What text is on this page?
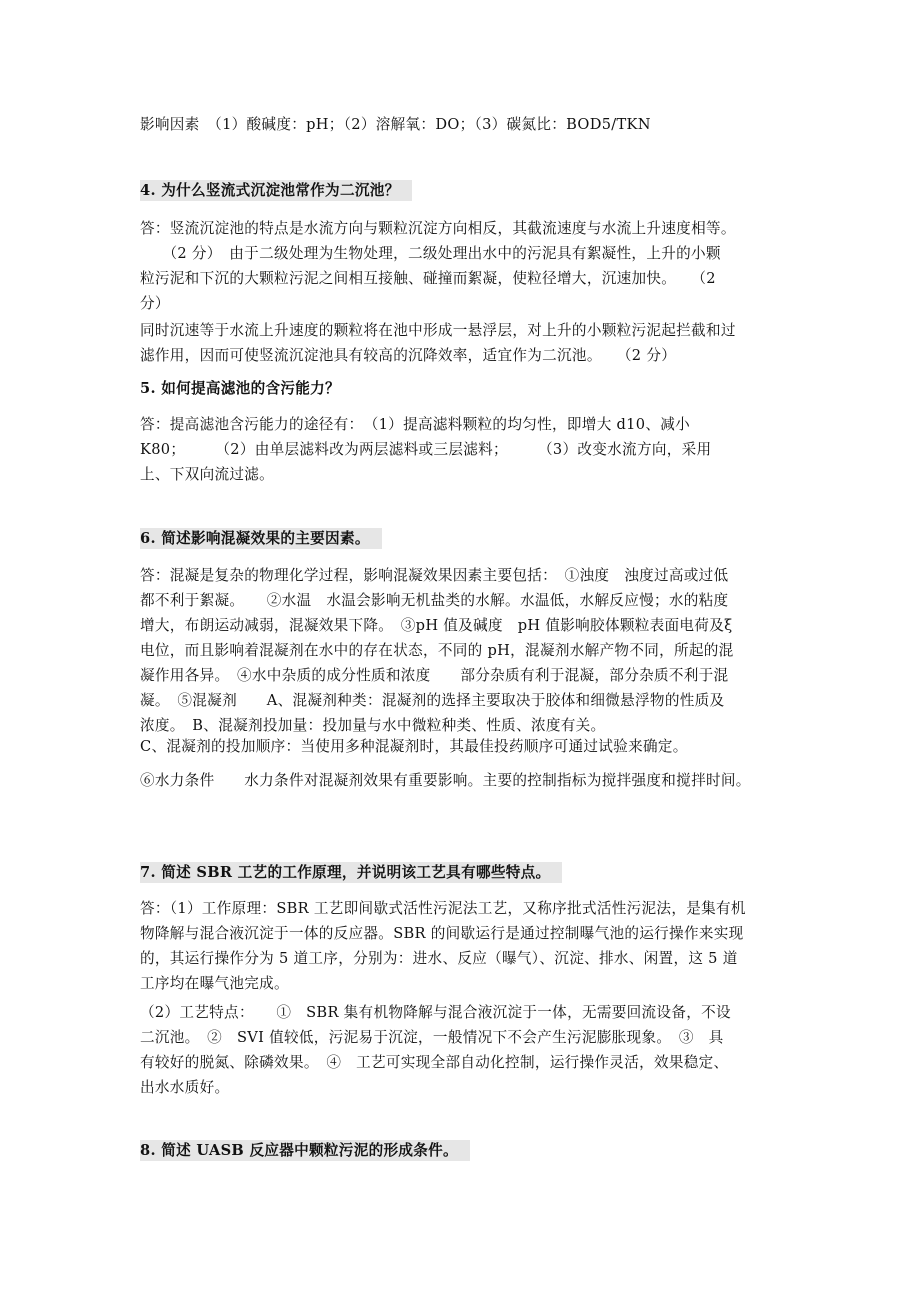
影响因素　（1）酸碱度：pH；（2）溶解氧：DO；（3）碳氮比：BOD5/TKN
4. 为什么竖流式沉淀池常作为二沉池？
答：竖流沉淀池的特点是水流方向与颗粒沉淀方向相反，其截流速度与水流上升速度相等。
　　（2 分）　由于二级处理为生物处理，二级处理出水中的污泥具有絮凝性，上升的小颗
粒污泥和下沉的大颗粒污泥之间相互接触、碰撞而絮凝，使粒径增大，沉速加快。　　（2
分）
同时沉速等于水流上升速度的颗粒将在池中形成一悬浮层，对上升的小颗粒污泥起拦截和过
滤作用，因而可使竖流沉淀池具有较高的沉降效率，适宜作为二沉池。　　（2 分）
5. 如何提高滤池的含污能力？
答：提高滤池含污能力的途径有：　（1）提高滤料颗粒的均匀性，即增大 d10、减小
K80；　　　（2）由单层滤料改为两层滤料或三层滤料；　　　（3）改变水流方向，采用
上、下双向流过滤。
6. 简述影响混凝效果的主要因素。
答：混凝是复杂的物理化学过程，影响混凝效果因素主要包括：　①浊度　浊度过高或过低
都不利于絮凝。　　②水温　水温会影响无机盐类的水解。水温低，水解反应慢；水的粘度
增大，布朗运动减弱，混凝效果下降。　③pH 值及碱度　pH 值影响胶体颗粒表面电荷及ξ
电位，而且影响着混凝剂在水中的存在状态，不同的 pH，混凝剂水解产物不同，所起的混
凝作用各异。　④水中杂质的成分性质和浓度　　部分杂质有利于混凝，部分杂质不利于混
凝。　⑤混凝剂　　A、混凝剂种类：混凝剂的选择主要取决于胶体和细微悬浮物的性质及
浓度。　B、混凝剂投加量：投加量与水中微粒种类、性质、浓度有关。
C、混凝剂的投加顺序：当使用多种混凝剂时，其最佳投药顺序可通过试验来确定。
⑥水力条件　　水力条件对混凝剂效果有重要影响。主要的控制指标为搅拌强度和搅拌时间。
7. 简述 SBR 工艺的工作原理，并说明该工艺具有哪些特点。
答：（1）工作原理：SBR 工艺即间歇式活性污泥法工艺，又称序批式活性污泥法，是集有机
物降解与混合液沉淀于一体的反应器。SBR 的间歇运行是通过控制曝气池的运行操作来实现
的，其运行操作分为 5 道工序，分别为：进水、反应（曝气）、沉淀、排水、闲置，这 5 道
工序均在曝气池完成。
（2）工艺特点：　　①　SBR 集有机物降解与混合液沉淀于一体，无需要回流设备，不设
二沉池。　②　SVI 值较低，污泥易于沉淀，一般情况下不会产生污泥膨胀现象。　③　具
有较好的脱氮、除磷效果。　④　工艺可实现全部自动化控制，运行操作灵活，效果稳定、
出水水质好。
8. 简述 UASB 反应器中颗粒污泥的形成条件。
